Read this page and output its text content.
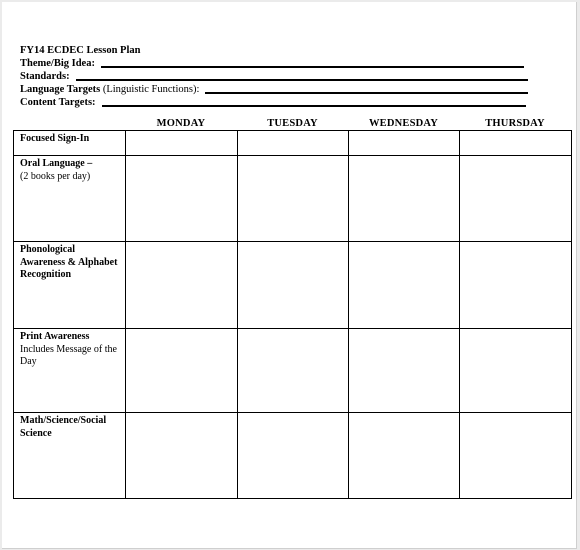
FY14 ECDEC Lesson Plan
Theme/Big Idea:
Standards:
Language Targets (Linguistic Functions):
Content Targets:
MONDAY	TUESDAY	WEDNESDAY	THURSDAY
Focused Sign-In				

Oral Language –
(2 books per day)				

Phonological Awareness & Alphabet Recognition				

Print Awareness
Includes Message of the Day				

Math/Science/Social Science				
